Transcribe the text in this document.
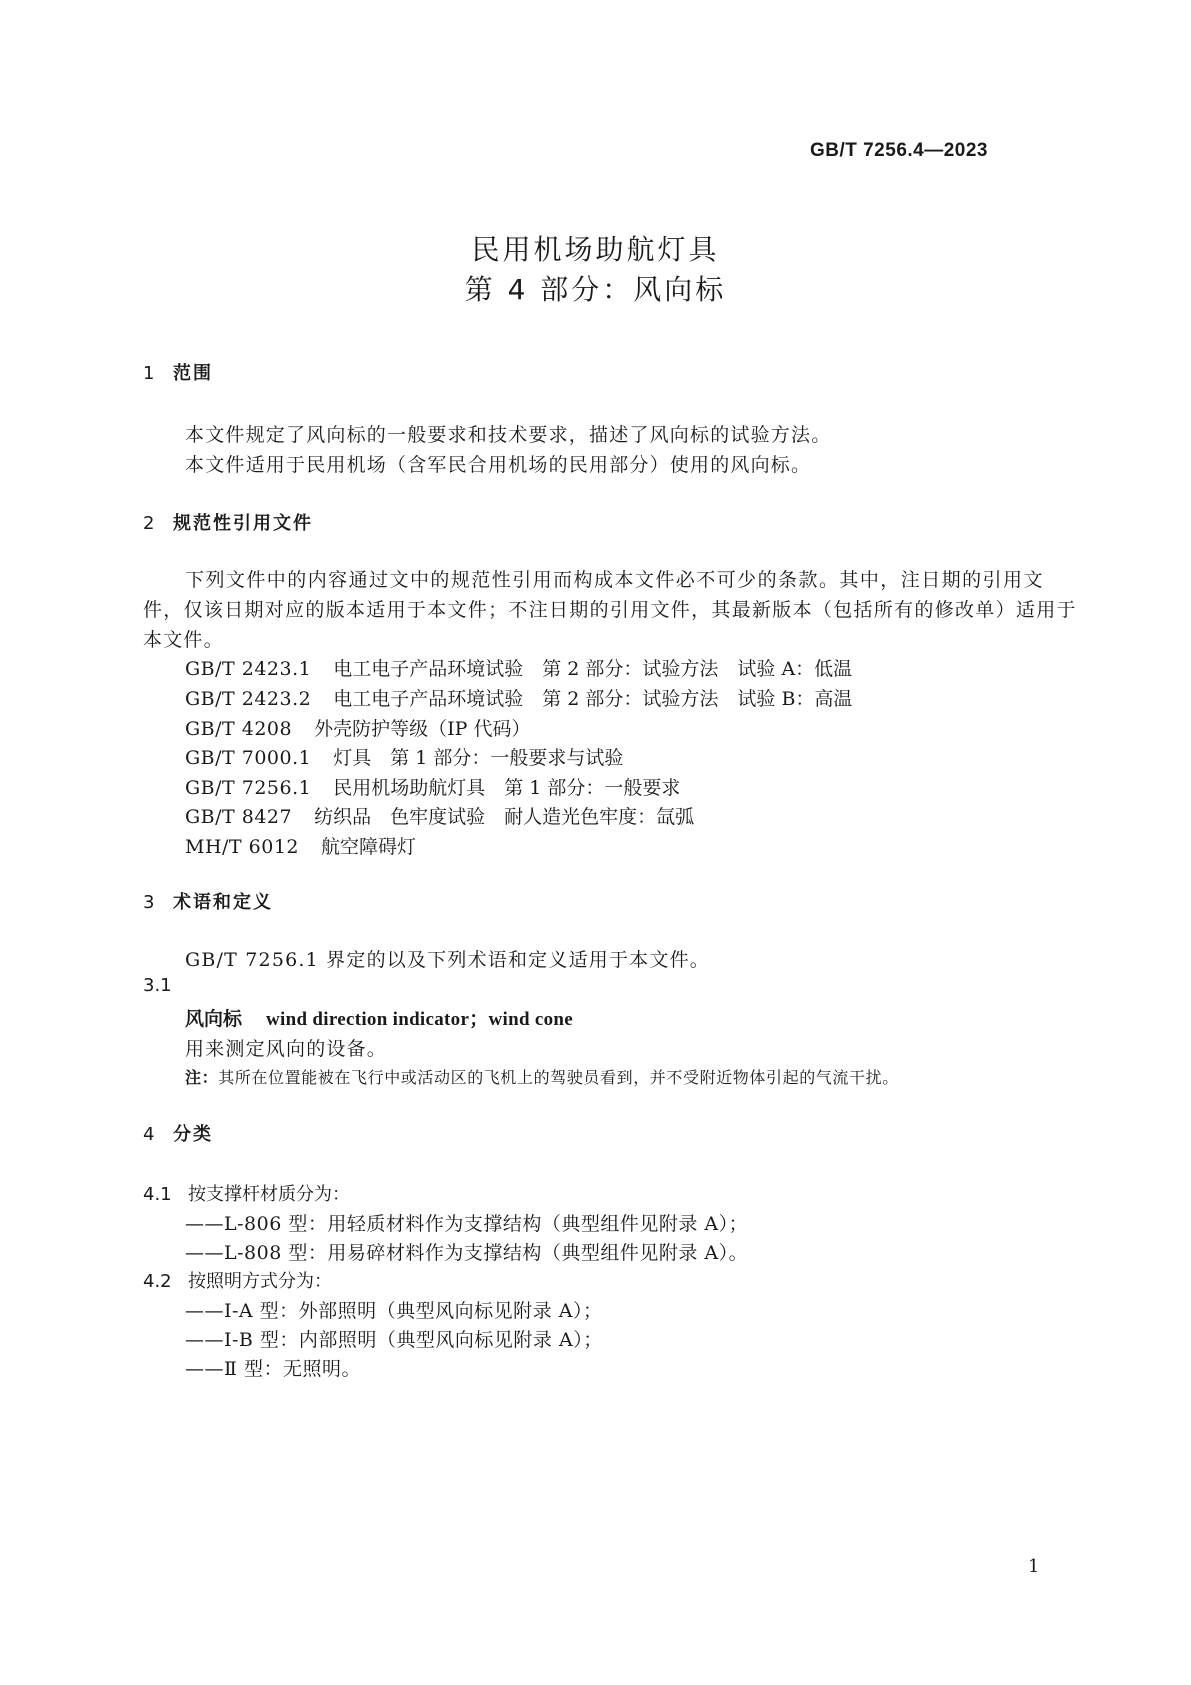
GB/T 7256.4—2023
民用机场助航灯具
第 4 部分：风向标
1 范围
本文件规定了风向标的一般要求和技术要求，描述了风向标的试验方法。
本文件适用于民用机场（含军民合用机场的民用部分）使用的风向标。
2 规范性引用文件
下列文件中的内容通过文中的规范性引用而构成本文件必不可少的条款。其中，注日期的引用文
件，仅该日期对应的版本适用于本文件；不注日期的引用文件，其最新版本（包括所有的修改单）适用于
本文件。
GB/T 2423.1 电工电子产品环境试验　第 2 部分：试验方法　试验 A：低温
GB/T 2423.2 电工电子产品环境试验　第 2 部分：试验方法　试验 B：高温
GB/T 4208 外壳防护等级（IP 代码）
GB/T 7000.1 灯具　第 1 部分：一般要求与试验
GB/T 7256.1 民用机场助航灯具　第 1 部分：一般要求
GB/T 8427 纺织品　色牢度试验　耐人造光色牢度：氙弧
MH/T 6012 航空障碍灯
3 术语和定义
GB/T 7256.1 界定的以及下列术语和定义适用于本文件。
3.1
风向标 wind direction indicator；wind cone
用来测定风向的设备。
注：其所在位置能被在飞行中或活动区的飞机上的驾驶员看到，并不受附近物体引起的气流干扰。
4 分类
4.1 按支撑杆材质分为：
——L-806 型：用轻质材料作为支撑结构（典型组件见附录 A）；
——L-808 型：用易碎材料作为支撑结构（典型组件见附录 A）。
4.2 按照明方式分为：
——Ⅰ-A 型：外部照明（典型风向标见附录 A）；
——Ⅰ-B 型：内部照明（典型风向标见附录 A）；
——Ⅱ 型：无照明。
1
